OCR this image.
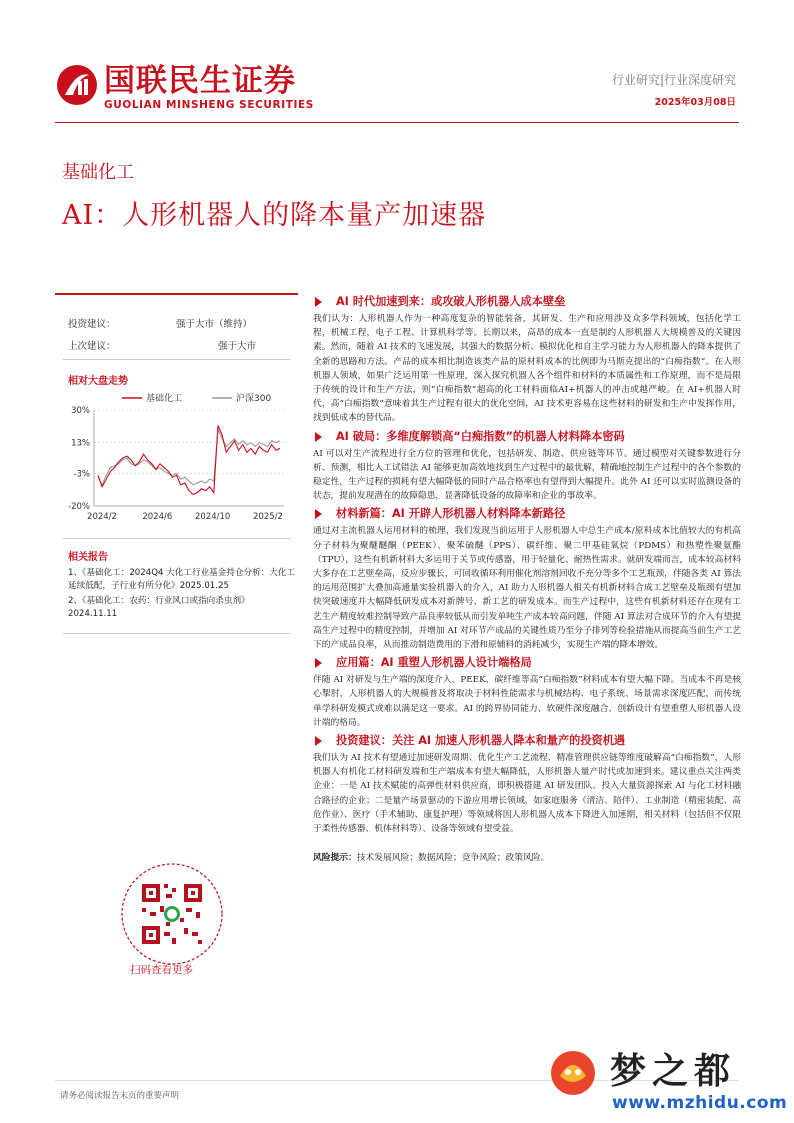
国联民生证券
GUOLIAN MINSHENG SECURITIES
行业研究|行业深度研究
2025年03月08日
基础化工
AI：人形机器人的降本量产加速器
投资建议：	强于大市（维持）
上次建议：	强于大市
相对大盘走势
基础化工	沪深300
30%
13%
-3%
-20%
2024/2	2024/6	2024/10	2025/2
相关报告
1、《基础化工：2024Q4 大化工行业基金持仓分析：大化工延续低配，子行业有所分化》2025.01.25
2、《基础化工：农药：行业风口或指向杀虫剂》2024.11.11
扫码查看更多
AI 时代加速到来：或攻破人形机器人成本壁垒
我们认为：人形机器人作为一种高度复杂的智能装备，其研发、生产和应用涉及众多学科领域，包括化学工程，机械工程，电子工程、计算机科学等。长期以来，高昂的成本一直是制约人形机器人大规模普及的关键因素。然而，随着 AI 技术的飞速发展，其强大的数据分析、模拟优化和自主学习能力为人形机器人的降本提供了全新的思路和方法。产品的成本相比制造该类产品的原材料成本的比例即为马斯克提出的“白痴指数”。在人形机器人领域，如果广泛运用第一性原理，深入探究机器人各个组件和材料的本质属性和工作原理，而不是局限于传统的设计和生产方法，则“白痴指数”超高的化工材料面临AI+机器人的冲击或越严峻。在 AI+机器人时代，高“白痴指数”意味着其生产过程有很大的优化空间，AI 技术更容易在这些材料的研发和生产中发挥作用，找到低成本的替代品。
AI 破局：多维度解锁高“白痴指数”的机器人材料降本密码
AI 可以对生产流程进行全方位的管理和优化，包括研发、制造、供应链等环节。通过模型对关键参数进行分析、预测，相比人工试错法 AI 能够更加高效地找到生产过程中的最优解，精确地控制生产过程中的各个参数的稳定性，生产过程的损耗有望大幅降低的同时产品合格率也有望得到大幅提升。此外 AI 还可以实时监测设备的状态，提前发现潜在的故障隐患，显著降低设备的故障率和企业的事故率。
材料新篇：AI 开辟人形机器人材料降本新路径
通过对主流机器人运用材料的梳理，我们发现当前运用于人形机器人中总生产成本/原料成本比值较大的有机高分子材料为聚醚醚酮（PEEK）、聚苯硫醚（PPS）、碳纤维、聚二甲基硅氧烷（PDMS）和热塑性聚氨酯（TPU），这些有机新材料大多运用于关节或传感器，用于轻量化、耐热性需求。就研发端而言，成本较高材料大多存在工艺壁垒高，反应步骤长，可回收循环利用催化剂溶剂回收不充分等多个工艺瓶颈，伴随各类 AI 算法的运用范围扩大叠加高通量实验机器人的介入，AI 助力人形机器人相关有机新材料合成工艺壁垒及瓶颈有望加快突破速度并大幅降低研发成本对新牌号、新工艺的研发成本。而生产过程中，这些有机新材料还存在现有工艺生产精度较难控制导致产品良率较低从而引发单吨生产成本较高问题，伴随 AI 算法对合成环节的介入有望提高生产过程中的精度控制，并增加 AI 对环节产成品的关键性质乃至分子排列等检验措施从而提高当前生产工艺下的产成品良率，从而推动制造费用的下滑和原辅料的消耗减少，实现生产端的降本增效。
应用篇：AI 重塑人形机器人设计端格局
伴随 AI 对研发与生产端的深度介入，PEEK、碳纤维等高“白痴指数”材料成本有望大幅下降。当成本不再是核心掣肘，人形机器人的大规模普及将取决于材料性能需求与机械结构、电子系统、场景需求深度匹配，而传统单学科研发模式或难以满足这一要求。AI 的跨界协同能力、软硬件深度融合、创新设计有望重塑人形机器人设计端的格局。
投资建议：关注 AI 加速人形机器人降本和量产的投资机遇
我们认为 AI 技术有望通过加速研发周期、优化生产工艺流程、精准管理供应链等维度破解高“白痴指数”，人形机器人有机化工材料研发端和生产端成本有望大幅降低，人形机器人量产时代或加速到来。建议重点关注两类企业：一是 AI 技术赋能的高弹性材料供应商，即积极搭建 AI 研发团队、投入大量资源探索 AI 与化工材料融合路径的企业；二是量产场景驱动的下游应用增长领域，如家庭服务（清洁、陪伴）、工业制造（精密装配、高危作业）、医疗（手术辅助、康复护理）等领域将因人形机器人成本下降进入加速期，相关材料（包括但不仅限于柔性传感器、机体材料等）、设备等领域有望受益。
风险提示：技术发展风险；数据风险；竞争风险；政策风险。
请务必阅读报告末页的重要声明
梦之都
www.mzhidu.com
